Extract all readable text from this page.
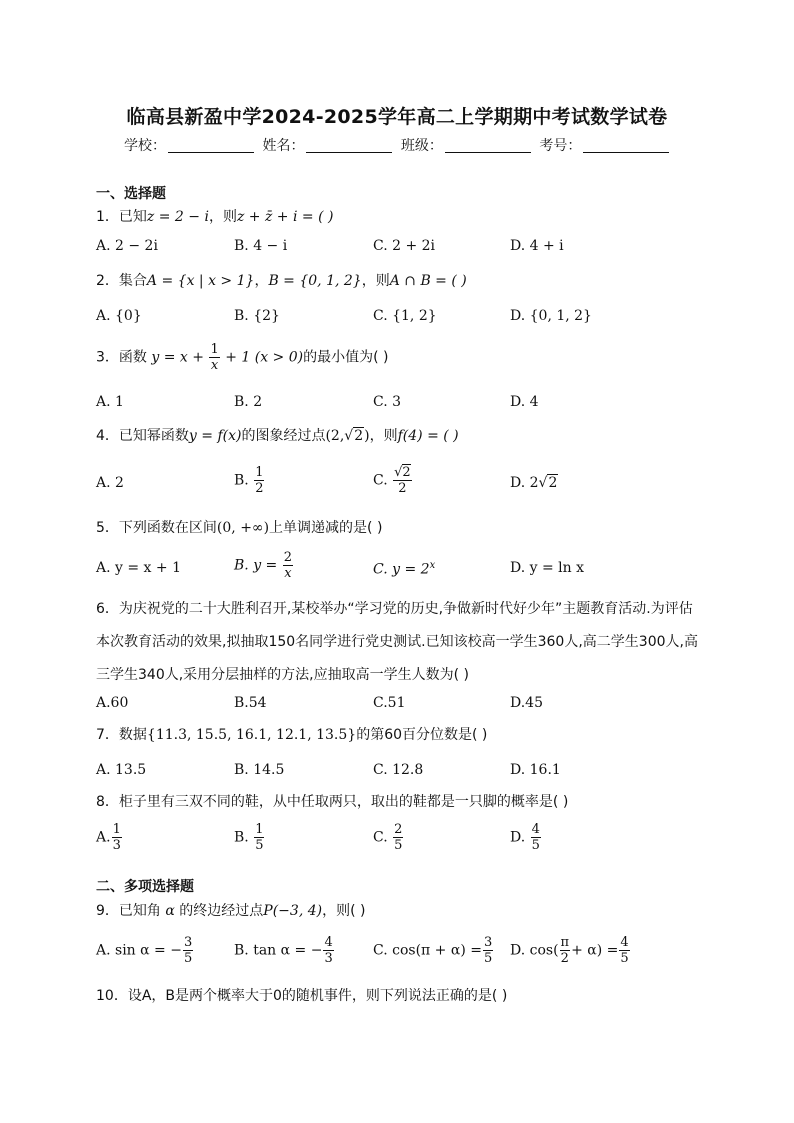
临高县新盈中学2024-2025学年高二上学期期中考试数学试卷
学校：	姓名：	班级：	考号：
一、选择题
1．已知z = 2 − i，则z + z̄ + i = ( )
A. 2 − 2i	B. 4 − i	C. 2 + 2i	D. 4 + i
2．集合A = {x | x > 1}，B = {0, 1, 2}，则A ∩ B = ( )
A. {0}	B. {2}	C. {1, 2}	D. {0, 1, 2}
3．函数 $y = x + \frac{1}{x} + 1$ (x > 0)的最小值为( )
A. 1	B. 2	C. 3	D. 4
4．已知幂函数y = f(x)的图象经过点(2,√2)，则f(4) = ( )
A. 2	B. $\frac{1}{2}$	C. $\frac{√2}{2}$	D. 2√2
5．下列函数在区间(0, +∞)上单调递减的是( )
A. y = x + 1	B. $y = \frac{2}{x}$	C. $y = 2^x$	D. y = ln x
6．为庆祝党的二十大胜利召开,某校举办“学习党的历史,争做新时代好少年”主题教育活动.为评估本次教育活动的效果,拟抽取150名同学进行党史测试.已知该校高一学生360人,高二学生300人,高三学生340人,采用分层抽样的方法,应抽取高一学生人数为( )
A.60	B.54	C.51	D.45
7．数据{11.3, 15.5, 16.1, 12.1, 13.5}的第60百分位数是( )
A. 13.5	B. 14.5	C. 12.8	D. 16.1
8．柜子里有三双不同的鞋，从中任取两只，取出的鞋都是一只脚的概率是( )
A. $\frac{1}{3}$	B. $\frac{1}{5}$	C. $\frac{2}{5}$	D. $\frac{4}{5}$
二、多项选择题
9．已知角 α 的终边经过点P(−3, 4)，则( )
A. sin α = − $\frac{3}{5}$	B. tan α = − $\frac{4}{3}$	C. $\cos(\pi + \alpha) = \frac{3}{5} D$. $\cos( \frac{\pi}{2} + \alpha) = \frac{4}{5}$
10．设A，B是两个概率大于0的随机事件，则下列说法正确的是( )
